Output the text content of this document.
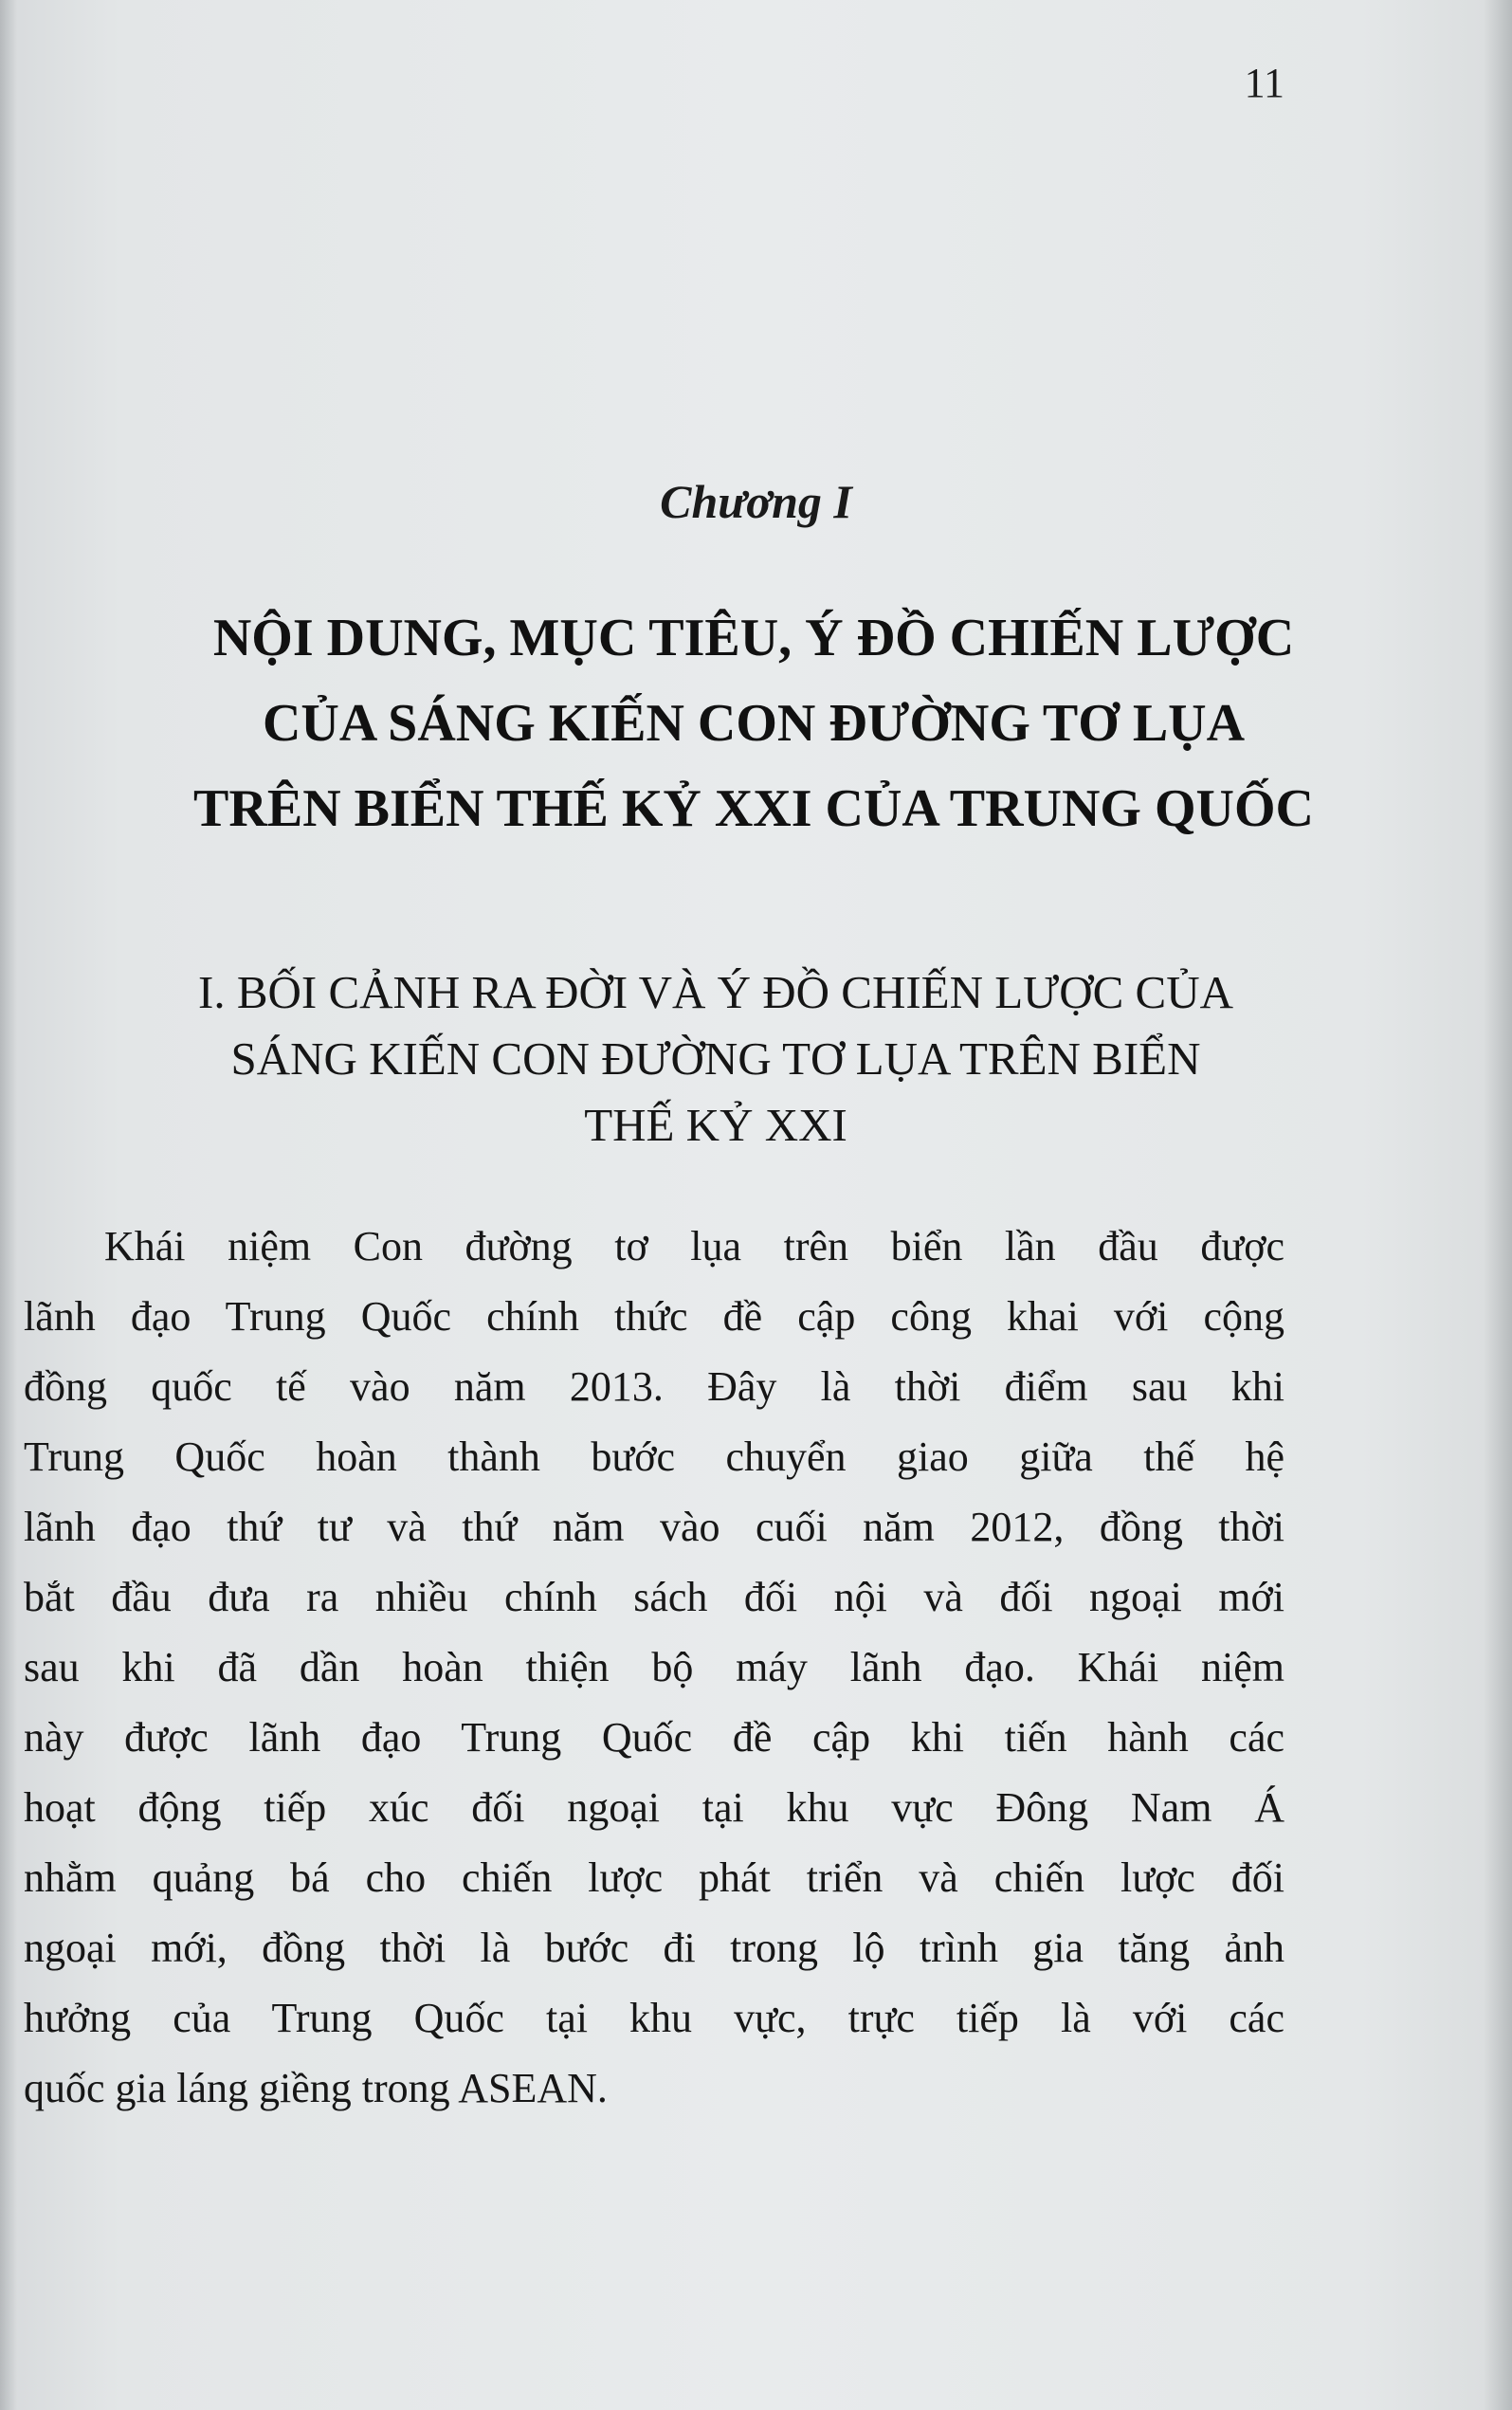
11
Chương I
NỘI DUNG, MỤC TIÊU, Ý ĐỒ CHIẾN LƯỢC
CỦA SÁNG KIẾN CON ĐƯỜNG TƠ LỤA
TRÊN BIỂN THẾ KỶ XXI CỦA TRUNG QUỐC
I. BỐI CẢNH RA ĐỜI VÀ Ý ĐỒ CHIẾN LƯỢC CỦA
SÁNG KIẾN CON ĐƯỜNG TƠ LỤA TRÊN BIỂN
THẾ KỶ XXI
Khái niệm Con đường tơ lụa trên biển lần đầu được
lãnh đạo Trung Quốc chính thức đề cập công khai với cộng
đồng quốc tế vào năm 2013. Đây là thời điểm sau khi
Trung Quốc hoàn thành bước chuyển giao giữa thế hệ
lãnh đạo thứ tư và thứ năm vào cuối năm 2012, đồng thời
bắt đầu đưa ra nhiều chính sách đối nội và đối ngoại mới
sau khi đã dần hoàn thiện bộ máy lãnh đạo. Khái niệm
này được lãnh đạo Trung Quốc đề cập khi tiến hành các
hoạt động tiếp xúc đối ngoại tại khu vực Đông Nam Á
nhằm quảng bá cho chiến lược phát triển và chiến lược đối
ngoại mới, đồng thời là bước đi trong lộ trình gia tăng ảnh
hưởng của Trung Quốc tại khu vực, trực tiếp là với các
quốc gia láng giềng trong ASEAN.
